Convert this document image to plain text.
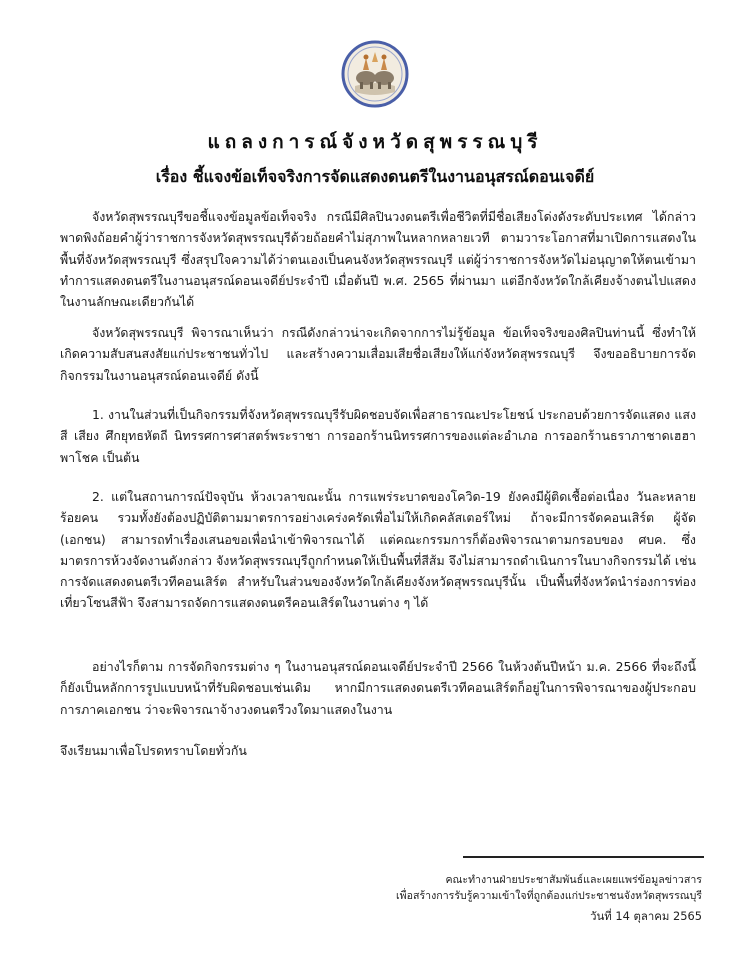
แถลงการณ์จังหวัดสุพรรณบุรี
เรื่อง ชี้แจงข้อเท็จจริงการจัดแสดงดนตรีในงานอนุสรณ์ดอนเจดีย์
จังหวัดสุพรรณบุรีขอชี้แจงข้อมูลข้อเท็จจริง กรณีมีศิลปินวงดนตรีเพื่อชีวิตที่มีชื่อเสียงโด่งดังระดับประเทศ ได้กล่าวพาดพิงถ้อยคำผู้ว่าราชการจังหวัดสุพรรณบุรีด้วยถ้อยคำไม่สุภาพในหลากหลายเวที ตามวาระโอกาสที่มาเปิดการแสดงในพื้นที่จังหวัดสุพรรณบุรี ซึ่งสรุปใจความได้ว่าตนเองเป็นคนจังหวัดสุพรรณบุรี แต่ผู้ว่าราชการจังหวัดไม่อนุญาตให้ตนเข้ามาทำการแสดงดนตรีในงานอนุสรณ์ดอนเจดีย์ประจำปี เมื่อต้นปี พ.ศ. 2565 ที่ผ่านมา แต่อีกจังหวัดใกล้เคียงจ้างตนไปแสดงในงานลักษณะเดียวกันได้
จังหวัดสุพรรณบุรี พิจารณาเห็นว่า กรณีดังกล่าวน่าจะเกิดจากการไม่รู้ข้อมูล ข้อเท็จจริงของศิลปินท่านนี้ ซึ่งทำให้เกิดความสับสนสงสัยแก่ประชาชนทั่วไป และสร้างความเสื่อมเสียชื่อเสียงให้แก่จังหวัดสุพรรณบุรี จึงขออธิบายการจัดกิจกรรมในงานอนุสรณ์ดอนเจดีย์ ดังนี้
1. งานในส่วนที่เป็นกิจกรรมที่จังหวัดสุพรรณบุรีรับผิดชอบจัดเพื่อสาธารณะประโยชน์ ประกอบด้วยการจัดแสดง แสง สี เสียง ศึกยุทธหัตถี นิทรรศการศาสตร์พระราชา การออกร้านนิทรรศการของแต่ละอำเภอ การออกร้านธราภาชาดเฮฮาพาโชค เป็นต้น
2. แต่ในสถานการณ์ปัจจุบัน ห้วงเวลาขณะนั้น การแพร่ระบาดของโควิด-19 ยังคงมีผู้ติดเชื้อต่อเนื่อง วันละหลายร้อยคน รวมทั้งยังต้องปฏิบัติตามมาตรการอย่างเคร่งครัดเพื่อไม่ให้เกิดคลัสเตอร์ใหม่ ถ้าจะมีการจัดคอนเสิร์ต ผู้จัด (เอกชน) สามารถทำเรื่องเสนอขอเพื่อนำเข้าพิจารณาได้ แต่คณะกรรมการก็ต้องพิจารณาตามกรอบของ ศบค. ซึ่งมาตรการห้วงจัดงานดังกล่าว จังหวัดสุพรรณบุรีถูกกำหนดให้เป็นพื้นที่สีส้ม จึงไม่สามารถดำเนินการในบางกิจกรรมได้ เช่น การจัดแสดงดนตรีเวทีคอนเสิร์ต สำหรับในส่วนของจังหวัดใกล้เคียงจังหวัดสุพรรณบุรีนั้น เป็นพื้นที่จังหวัดนำร่องการท่องเที่ยวโซนสีฟ้า จึงสามารถจัดการแสดงดนตรีคอนเสิร์ตในงานต่าง ๆ ได้
อย่างไรก็ตาม การจัดกิจกรรมต่าง ๆ ในงานอนุสรณ์ดอนเจดีย์ประจำปี 2566 ในห้วงต้นปีหน้า ม.ค. 2566 ที่จะถึงนี้ ก็ยังเป็นหลักการรูปแบบหน้าที่รับผิดชอบเช่นเดิม หากมีการแสดงดนตรีเวทีคอนเสิร์ตก็อยู่ในการพิจารณาของผู้ประกอบการภาคเอกชน ว่าจะพิจารณาจ้างวงดนตรีวงใดมาแสดงในงาน
จึงเรียนมาเพื่อโปรดทราบโดยทั่วกัน
คณะทำงานฝ่ายประชาสัมพันธ์และเผยแพร่ข้อมูลข่าวสาร
เพื่อสร้างการรับรู้ความเข้าใจที่ถูกต้องแก่ประชาชนจังหวัดสุพรรณบุรี
วันที่ 14 ตุลาคม 2565
